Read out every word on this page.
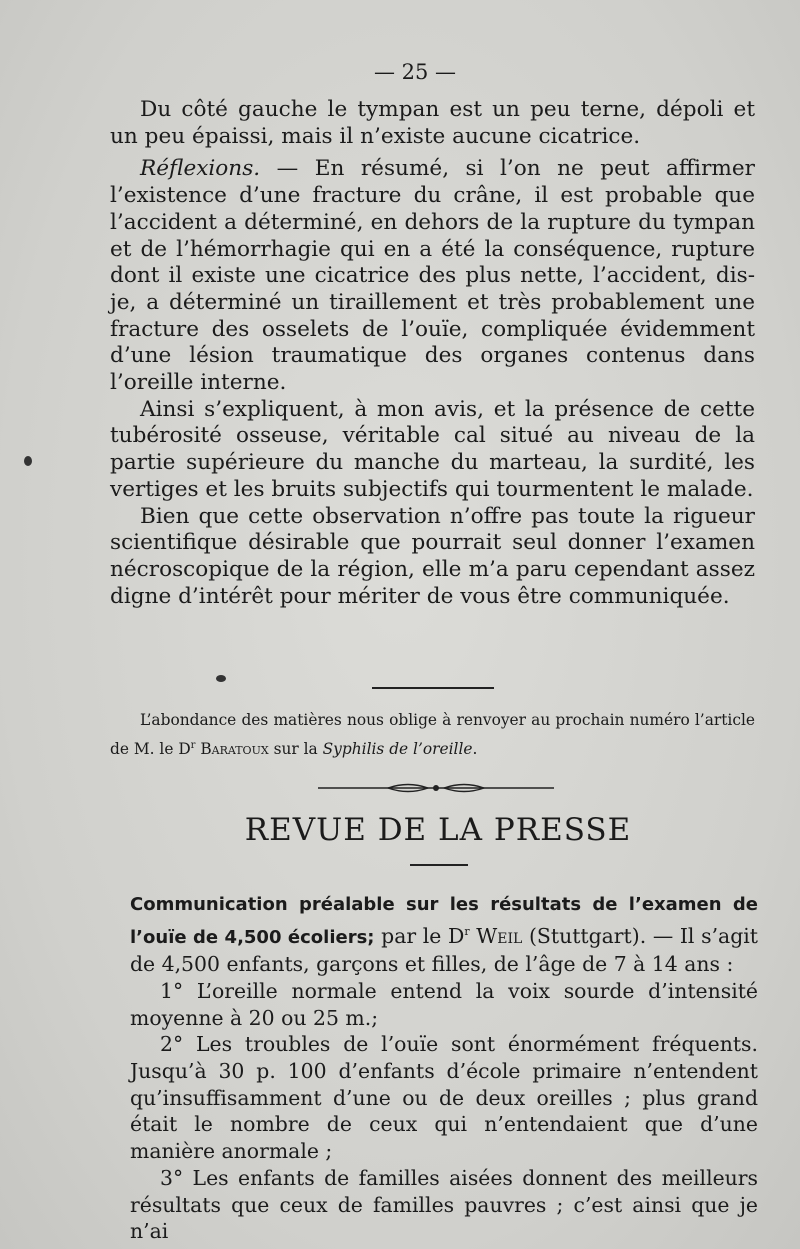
— 25 —

Du côté gauche le tympan est un peu terne, dépoli et un peu épaissi, mais il n’existe aucune cicatrice.

Réflexions. — En résumé, si l’on ne peut affirmer l’existence d’une fracture du crâne, il est probable que l’accident a déterminé, en dehors de la rupture du tympan et de l’hémorrhagie qui en a été la conséquence, rupture dont il existe une cicatrice des plus nette, l’accident, dis-je, a déterminé un tiraillement et très probablement une fracture des osselets de l’ouïe, compliquée évidemment d’une lésion traumatique des organes contenus dans l’oreille interne.

Ainsi s’expliquent, à mon avis, et la présence de cette tubérosité osseuse, véritable cal situé au niveau de la partie supérieure du manche du marteau, la surdité, les vertiges et les bruits subjectifs qui tourmentent le malade.

Bien que cette observation n’offre pas toute la rigueur scientifique désirable que pourrait seul donner l’examen nécroscopique de la région, elle m’a paru cependant assez digne d’intérêt pour mériter de vous être communiquée.

L’abondance des matières nous oblige à renvoyer au prochain numéro l’article de M. le $D^r$ Baratoux sur la Syphilis de l’oreille.

REVUE DE LA PRESSE

Communication préalable sur les résultats de l’examen de l’ouïe de 4,500 écoliers; par le $D^r$ Weil (Stuttgart). — Il s’agit de 4,500 enfants, garçons et filles, de l’âge de 7 à 14 ans :

1° L’oreille normale entend la voix sourde d’intensité moyenne à 20 ou 25 m.;

2° Les troubles de l’ouïe sont énormément fréquents. Jusqu’à 30 p. 100 d’enfants d’école primaire n’entendent qu’insuffisamment d’une ou de deux oreilles ; plus grand était le nombre de ceux qui n’entendaient que d’une manière anormale ;

3° Les enfants de familles aisées donnent des meilleurs résultats que ceux de familles pauvres ; c’est ainsi que je n’ai
